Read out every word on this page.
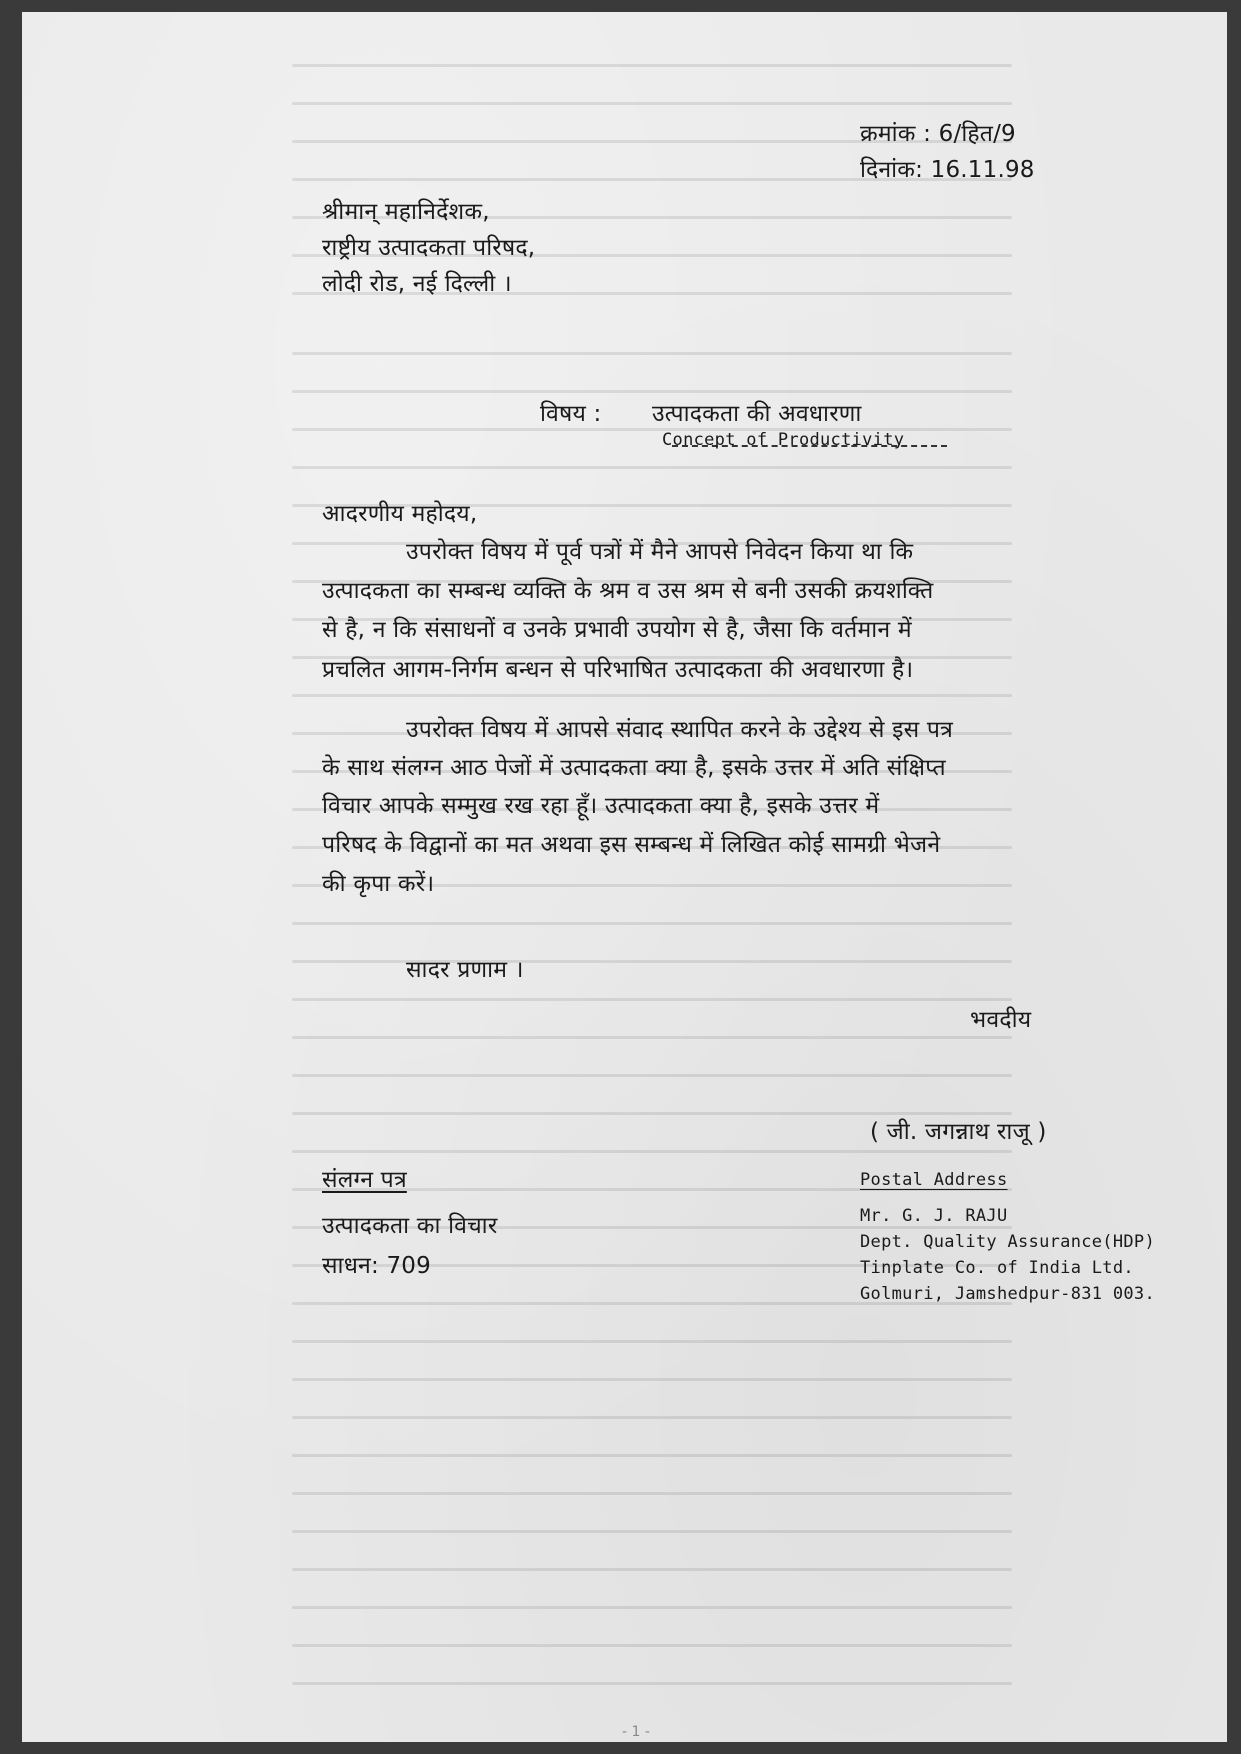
क्रमांक : 6/हित/9
दिनांक: 16.11.98
श्रीमान् महानिर्देशक,
राष्ट्रीय उत्पादकता परिषद,
लोदी रोड, नई दिल्ली ।
विषय : उत्पादकता की अवधारणा
Concept of Productivity
आदरणीय महोदय,
उपरोक्त विषय में पूर्व पत्रों में मैने आपसे निवेदन किया था कि
उत्पादकता का सम्बन्ध व्यक्ति के श्रम व उस श्रम से बनी उसकी क्रयशक्ति
से है, न कि संसाधनों व उनके प्रभावी उपयोग से है, जैसा कि वर्तमान में
प्रचलित आगम-निर्गम बन्धन से परिभाषित उत्पादकता की अवधारणा है।
उपरोक्त विषय में आपसे संवाद स्थापित करने के उद्देश्य से इस पत्र
के साथ संलग्न आठ पेजों में उत्पादकता क्या है, इसके उत्तर में अति संक्षिप्त
विचार आपके सम्मुख रख रहा हूँ। उत्पादकता क्या है, इसके उत्तर में
परिषद के विद्वानों का मत अथवा इस सम्बन्ध में लिखित कोई सामग्री भेजने
की कृपा करें।
सादर प्रणाम ।
भवदीय
( जी. जगन्नाथ राजू )
संलग्न पत्र
उत्पादकता का विचार
साधन: 709
Postal Address
Mr. G. J. RAJU
Dept. Quality Assurance(HDP)
Tinplate Co. of India Ltd.
Golmuri, Jamshedpur-831 003.
- 1 -
